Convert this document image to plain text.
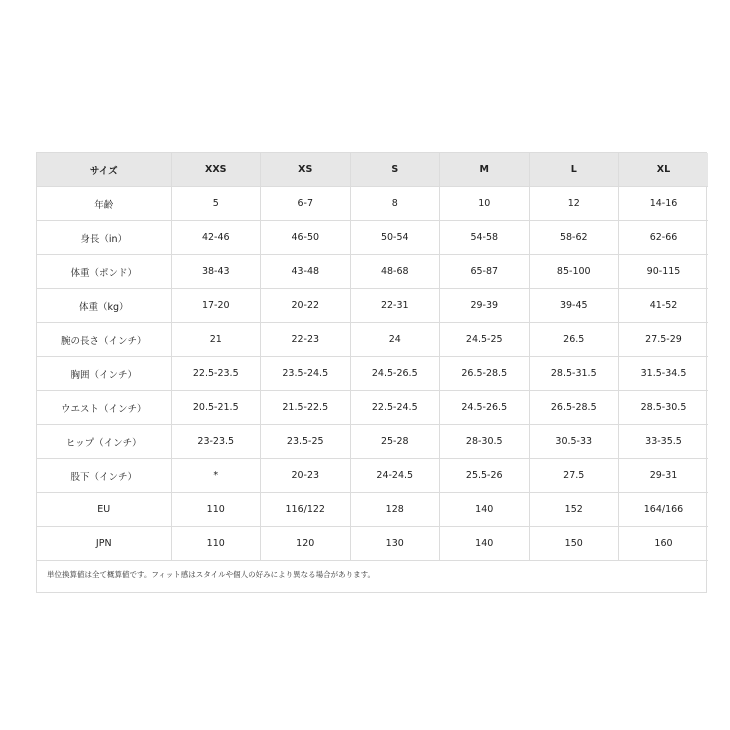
サイズ	XXS	XS	S	M	L	XL
年齢	5	6-7	8	10	12	14-16
身長（in）	42-46	46-50	50-54	54-58	58-62	62-66
体重（ポンド）	38-43	43-48	48-68	65-87	85-100	90-115
体重（kg）	17-20	20-22	22-31	29-39	39-45	41-52
腕の長さ（インチ）	21	22-23	24	24.5-25	26.5	27.5-29
胸囲（インチ）	22.5-23.5	23.5-24.5	24.5-26.5	26.5-28.5	28.5-31.5	31.5-34.5
ウエスト（インチ）	20.5-21.5	21.5-22.5	22.5-24.5	24.5-26.5	26.5-28.5	28.5-30.5
ヒップ（インチ）	23-23.5	23.5-25	25-28	28-30.5	30.5-33	33-35.5
股下（インチ）	*	20-23	24-24.5	25.5-26	27.5	29-31
EU	110	116/122	128	140	152	164/166
JPN	110	120	130	140	150	160
単位換算値は全て概算値です。フィット感はスタイルや個人の好みにより異なる場合があります。
